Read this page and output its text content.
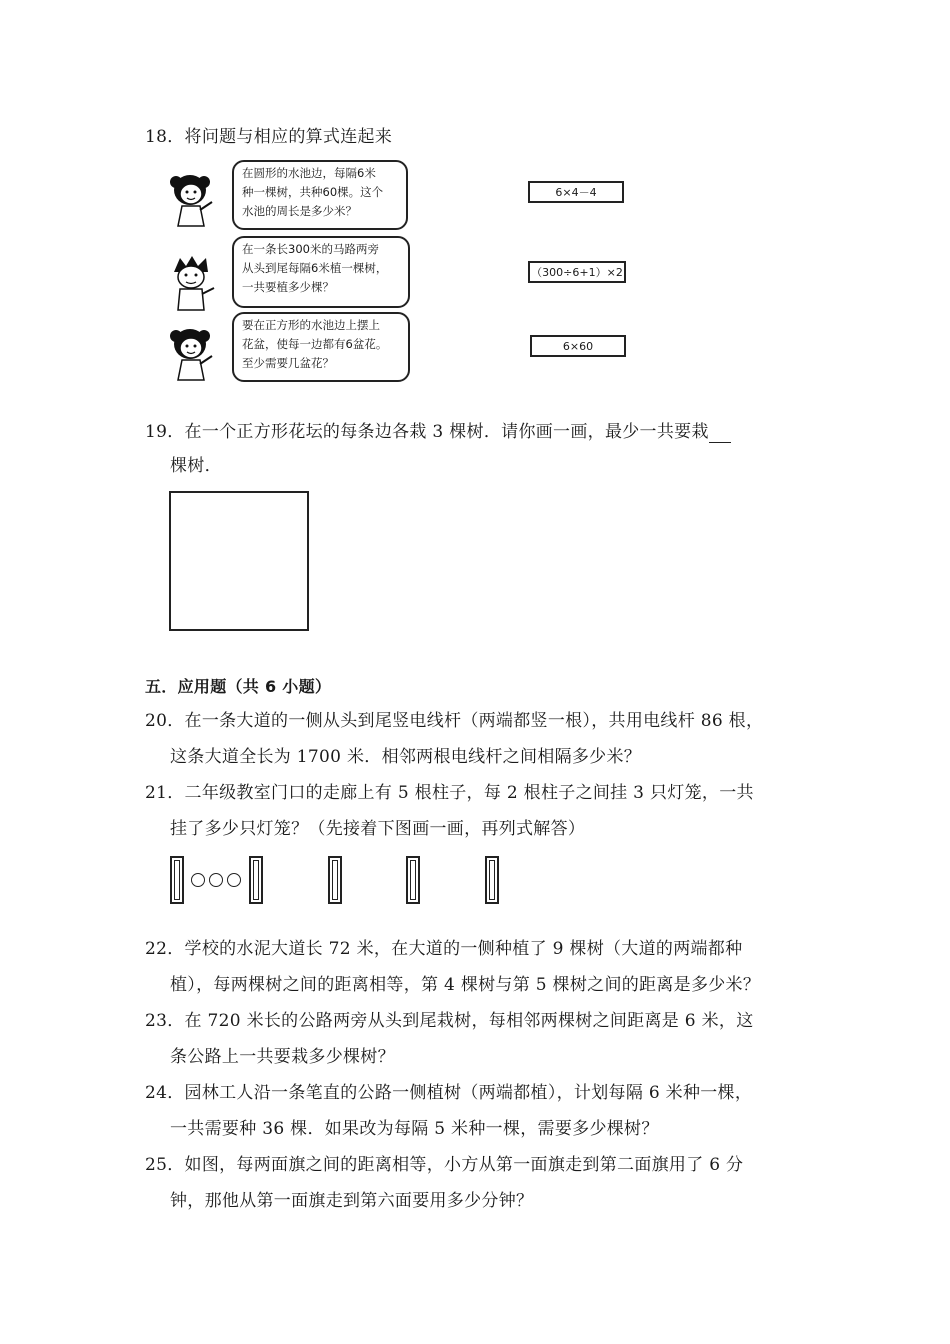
18．将问题与相应的算式连起来
在圆形的水池边，每隔6米
种一棵树，共种60棵。这个
水池的周长是多少米？
在一条长300米的马路两旁
从头到尾每隔6米植一棵树，
一共要植多少棵？
要在正方形的水池边上摆上
花盆，使每一边都有6盆花。
至少需要几盆花？
6×4－4
（300÷6+1）×2
6×60
19．在一个正方形花坛的每条边各栽 3 棵树．请你画一画，最少一共要栽
棵树．
五．应用题（共 6 小题）
20．在一条大道的一侧从头到尾竖电线杆（两端都竖一根），共用电线杆 86 根，
这条大道全长为 1700 米．相邻两根电线杆之间相隔多少米？
21．二年级教室门口的走廊上有 5 根柱子，每 2 根柱子之间挂 3 只灯笼，一共
挂了多少只灯笼？（先接着下图画一画，再列式解答）
22．学校的水泥大道长 72 米，在大道的一侧种植了 9 棵树（大道的两端都种
植），每两棵树之间的距离相等，第 4 棵树与第 5 棵树之间的距离是多少米？
23．在 720 米长的公路两旁从头到尾栽树，每相邻两棵树之间距离是 6 米，这
条公路上一共要栽多少棵树？
24．园林工人沿一条笔直的公路一侧植树（两端都植），计划每隔 6 米种一棵，
一共需要种 36 棵．如果改为每隔 5 米种一棵，需要多少棵树？
25．如图，每两面旗之间的距离相等，小方从第一面旗走到第二面旗用了 6 分
钟，那他从第一面旗走到第六面要用多少分钟？
